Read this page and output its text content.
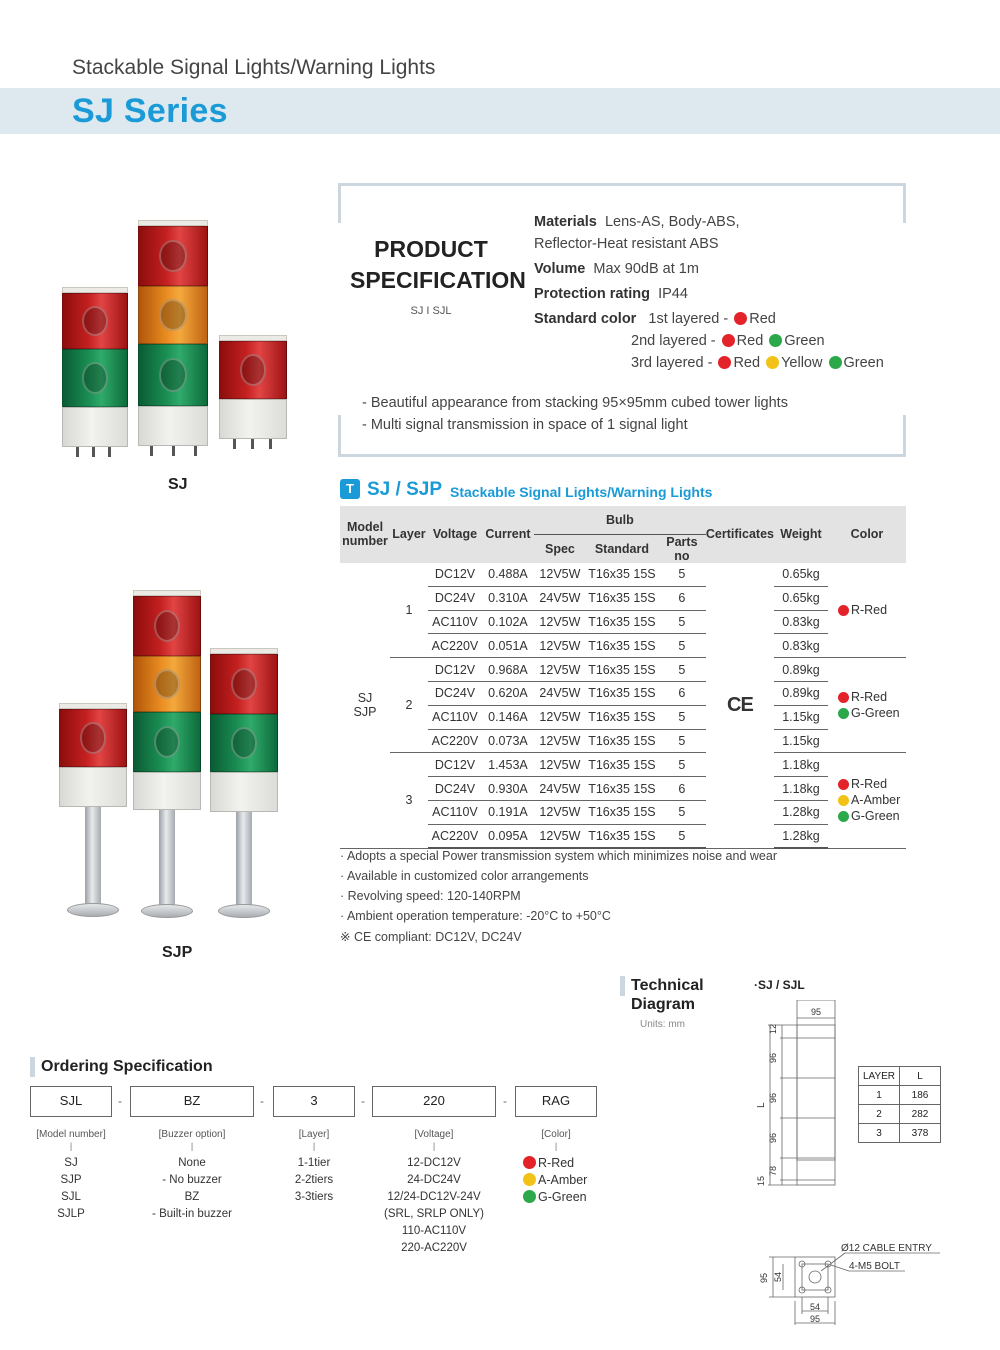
Stackable Signal Lights/Warning Lights
SJ Series
SJ
SJP
PRODUCT
SPECIFICATION
SJ I SJL
Materials Lens-AS, Body-ABS,
Reflector-Heat resistant ABS
Volume Max 90dB at 1m
Protection rating IP44
Standard color 1st layered - Red
2nd layered - Red Green
3rd layered - Red Yellow Green
- Beautiful appearance from stacking 95×95mm cubed tower lights
- Multi signal transmission in space of 1 signal light
T SJ / SJP Stackable Signal Lights/Warning Lights
Model number	Layer	Voltage	Current	Bulb			Certificates	Weight	Color
				Spec	Standard	Parts no			
SJ
SJP	1	DC12V	0.488A	12V5W	T16x35 15S	5	CE	0.65kg	R-Red

		DC24V	0.310A	24V5W	T16x35 15S	6		0.65kg	
		AC110V	0.102A	12V5W	T16x35 15S	5		0.83kg	
		AC220V	0.051A	12V5W	T16x35 15S	5		0.83kg	
	2	DC12V	0.968A	12V5W	T16x35 15S	5		0.89kg	R-Red
G-Green

		DC24V	0.620A	24V5W	T16x35 15S	6		0.89kg	
		AC110V	0.146A	12V5W	T16x35 15S	5		1.15kg	
		AC220V	0.073A	12V5W	T16x35 15S	5		1.15kg	
	3	DC12V	1.453A	12V5W	T16x35 15S	5		1.18kg	R-Red
A-Amber
G-Green

		DC24V	0.930A	24V5W	T16x35 15S	6		1.18kg	
		AC110V	0.191A	12V5W	T16x35 15S	5		1.28kg	
		AC220V	0.095A	12V5W	T16x35 15S	5		1.28kg	
· Adopts a special Power transmission system which minimizes noise and wear
· Available in customized color arrangements
· Revolving speed: 120-140RPM
· Ambient operation temperature: -20°C to +50°C
※ CE compliant: DC12V, DC24V
Technical
Diagram
Units: mm
·SJ / SJL
95
12
96
96
96
78
15
L
LAYER	L
1	186
2	282
3	378
Ø12 CABLE ENTRY
4-M5 BOLT
95 54
54
95
Ordering Specification
SJL	-	BZ	-	3	-	220	-	RAG
[Model number]
|
SJ
SJP
SJL
SJLP
[Buzzer option]
|
None
- No buzzer
BZ
- Built-in buzzer
[Layer]
|
1-1tier
2-2tiers
3-3tiers
[Voltage]
|
12-DC12V
24-DC24V
12/24-DC12V-24V
(SRL, SRLP ONLY)
110-AC110V
220-AC220V
[Color]
|
R-Red
A-Amber
G-Green
